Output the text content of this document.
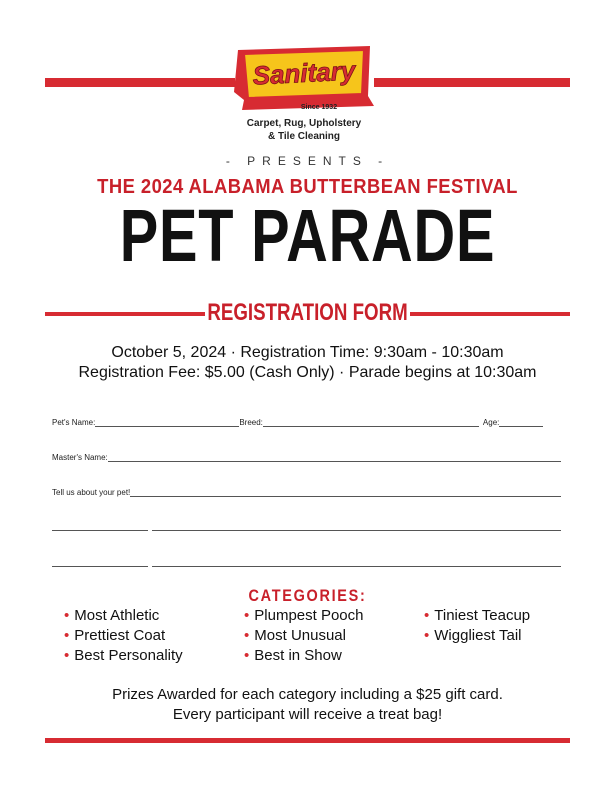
Sanitary
Since 1932
Carpet, Rug, Upholstery
& Tile Cleaning
- PRESENTS -
THE 2024 ALABAMA BUTTERBEAN FESTIVAL
PET PARADE
REGISTRATION FORM
October 5, 2024 · Registration Time: 9:30am - 10:30am
Registration Fee: $5.00 (Cash Only) · Parade begins at 10:30am
Pet's Name:	Breed:	Age:
Master's Name:
Tell us about your pet!
CATEGORIES:
• Most Athletic
• Prettiest Coat
• Best Personality
• Plumpest Pooch
• Most Unusual
• Best in Show
• Tiniest Teacup
• Wiggliest Tail
Prizes Awarded for each category including a $25 gift card.
Every participant will receive a treat bag!
